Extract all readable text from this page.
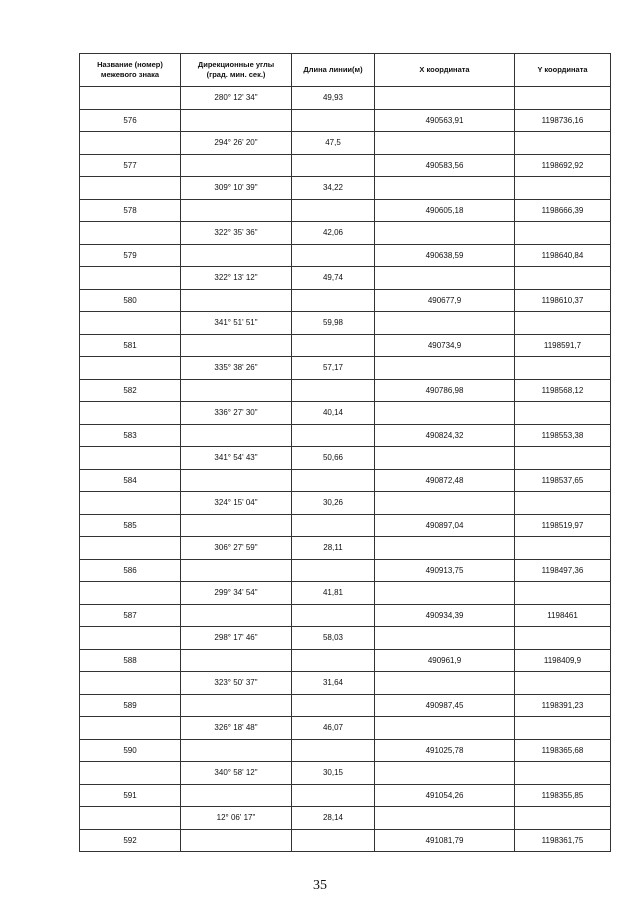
Название (номер)
межевого знака	Дирекционные углы
(град. мин. сек.)	Длина линии(м)	X координата	Y координата
	280° 12' 34"	49,93		
576			490563,91	1198736,16
	294° 26' 20"	47,5		
577			490583,56	1198692,92
	309° 10' 39"	34,22		
578			490605,18	1198666,39
	322° 35' 36"	42,06		
579			490638,59	1198640,84
	322° 13' 12"	49,74		
580			490677,9	1198610,37
	341° 51' 51"	59,98		
581			490734,9	1198591,7
	335° 38' 26"	57,17		
582			490786,98	1198568,12
	336° 27' 30"	40,14		
583			490824,32	1198553,38
	341° 54' 43"	50,66		
584			490872,48	1198537,65
	324° 15' 04"	30,26		
585			490897,04	1198519,97
	306° 27' 59"	28,11		
586			490913,75	1198497,36
	299° 34' 54"	41,81		
587			490934,39	1198461
	298° 17' 46"	58,03		
588			490961,9	1198409,9
	323° 50' 37"	31,64		
589			490987,45	1198391,23
	326° 18' 48"	46,07		
590			491025,78	1198365,68
	340° 58' 12"	30,15		
591			491054,26	1198355,85
	12° 06' 17"	28,14		
592			491081,79	1198361,75
35
